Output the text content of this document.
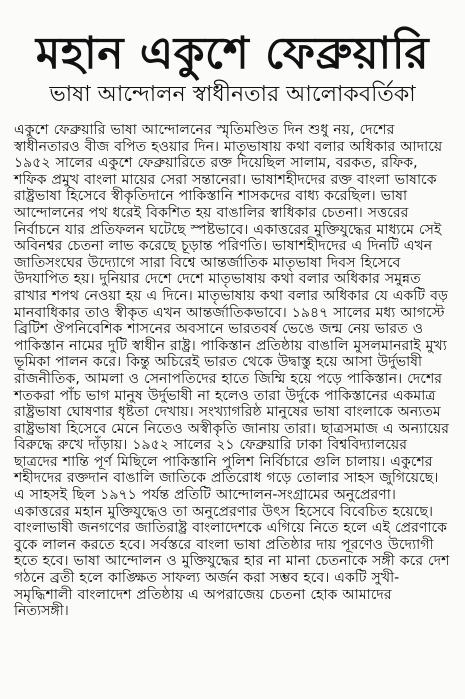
মহান একুশে ফেব্রুয়ারি
ভাষা আন্দোলন স্বাধীনতার আলোকবর্তিকা

একুশে ফেব্রুয়ারি ভাষা আন্দোলনের স্মৃতিমণ্ডিত দিন শুধু নয়, দেশের স্বাধীনতারও বীজ বপিত হওয়ার দিন। মাতৃভাষায় কথা বলার অধিকার আদায়ে ১৯৫২ সালের একুশে ফেব্রুয়ারিতে রক্ত দিয়েছিল সালাম, বরকত, রফিক, শফিক প্রমুখ বাংলা মায়ের সেরা সন্তানেরা। ভাষাশহীদদের রক্ত বাংলা ভাষাকে রাষ্ট্রভাষা হিসেবে স্বীকৃতিদানে পাকিস্তানি শাসকদের বাধ্য করেছিল। ভাষা আন্দোলনের পথ ধরেই বিকশিত হয় বাঙালির স্বাধিকার চেতনা। সত্তরের নির্বাচনে যার প্রতিফলন ঘটেছে স্পষ্টভাবে। একাত্তরের মুক্তিযুদ্ধের মাধ্যমে সেই অবিনশ্বর চেতনা লাভ করেছে চূড়ান্ত পরিণতি। ভাষাশহীদদের এ দিনটি এখন জাতিসংঘের উদ্যোগে সারা বিশ্বে আন্তর্জাতিক মাতৃভাষা দিবস হিসেবে উদযাপিত হয়। দুনিয়ার দেশে দেশে মাতৃভাষায় কথা বলার অধিকার সমুন্নত রাখার শপথ নেওয়া হয় এ দিনে। মাতৃভাষায় কথা বলার অধিকার যে একটি বড় মানবাধিকার তাও স্বীকৃত এখন আন্তর্জাতিকভাবে। ১৯৪৭ সালের মধ্য আগস্টে ব্রিটিশ ঔপনিবেশিক শাসনের অবসানে ভারতবর্ষ ভেঙে জন্ম নেয় ভারত ও পাকিস্তান নামের দুটি স্বাধীন রাষ্ট্র। পাকিস্তান প্রতিষ্ঠায় বাঙালি মুসলমানরাই মুখ্য ভূমিকা পালন করে। কিন্তু অচিরেই ভারত থেকে উদ্বাস্তু হয়ে আসা উর্দুভাষী রাজনীতিক, আমলা ও সেনাপতিদের হাতে জিম্মি হয়ে পড়ে পাকিস্তান। দেশের শতকরা পাঁচ ভাগ মানুষ উর্দুভাষী না হলেও তারা উর্দুকে পাকিস্তানের একমাত্র রাষ্ট্রভাষা ঘোষণার ধৃষ্টতা দেখায়। সংখ্যাগরিষ্ঠ মানুষের ভাষা বাংলাকে অন্যতম রাষ্ট্রভাষা হিসেবে মেনে নিতেও অস্বীকৃতি জানায় তারা। ছাত্রসমাজ এ অন্যায়ের বিরুদ্ধে রুখে দাঁড়ায়। ১৯৫২ সালের ২১ ফেব্রুয়ারি ঢাকা বিশ্ববিদ্যালয়ের ছাত্রদের শান্তি পূর্ণ মিছিলে পাকিস্তানি পুলিশ নির্বিচারে গুলি চালায়। একুশের শহীদদের রক্তদান বাঙালি জাতিকে প্রতিরোধ গড়ে তোলার সাহস জুগিয়েছে। এ সাহসই ছিল ১৯৭১ পর্যন্ত প্রতিটি আন্দোলন-সংগ্রামের অনুপ্রেরণা। একাত্তরের মহান মুক্তিযুদ্ধেও তা অনুপ্রেরণার উৎস হিসেবে বিবেচিত হয়েছে। বাংলাভাষী জনগণের জাতিরাষ্ট্র বাংলাদেশকে এগিয়ে নিতে হলে এই প্রেরণাকে বুকে লালন করতে হবে। সর্বস্তরে বাংলা ভাষা প্রতিষ্ঠার দায় পূরণেও উদ্যোগী হতে হবে। ভাষা আন্দোলন ও মুক্তিযুদ্ধের হার না মানা চেতনাকে সঙ্গী করে দেশ গঠনে ব্রতী হলে কাঙ্ক্ষিত সাফল্য অর্জন করা সম্ভব হবে। একটি সুখী-সমৃদ্ধিশালী বাংলাদেশ প্রতিষ্ঠায় এ অপরাজেয় চেতনা হোক আমাদের নিত্যসঙ্গী।
